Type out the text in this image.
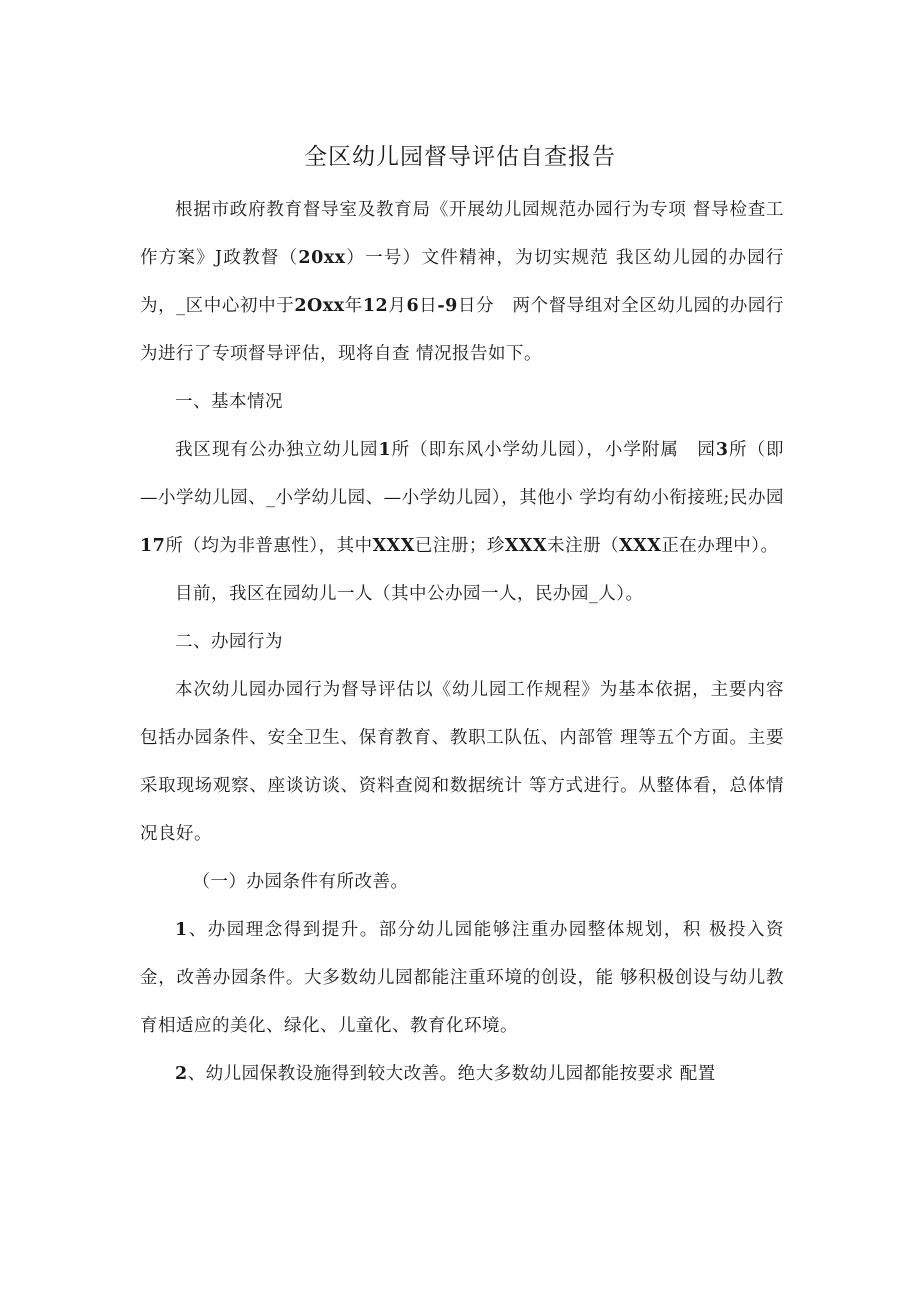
全区幼儿园督导评估自查报告

根据市政府教育督导室及教育局《开展幼儿园规范办园行为专项 督导检查工作方案》J政教督（20xx）一号）文件精神，为切实规范 我区幼儿园的办园行为，_区中心初中于2Oxx年12月6日-9日分　两个督导组对全区幼儿园的办园行为进行了专项督导评估，现将自查 情况报告如下。

一、基本情况

我区现有公办独立幼儿园1所（即东风小学幼儿园），小学附属　园3所（即—小学幼儿园、_小学幼儿园、—小学幼儿园），其他小 学均有幼小衔接班;民办园17所（均为非普惠性），其中XXX已注册；珍XXX未注册（XXX正在办理中）。

目前，我区在园幼儿一人（其中公办园一人，民办园_人）。

二、办园行为

本次幼儿园办园行为督导评估以《幼儿园工作规程》为基本依据，主要内容包括办园条件、安全卫生、保育教育、教职工队伍、内部管 理等五个方面。主要采取现场观察、座谈访谈、资料查阅和数据统计 等方式进行。从整体看，总体情况良好。

（一）办园条件有所改善。

1、办园理念得到提升。部分幼儿园能够注重办园整体规划，积 极投入资金，改善办园条件。大多数幼儿园都能注重环境的创设，能 够积极创设与幼儿教育相适应的美化、绿化、儿童化、教育化环境。

2、幼儿园保教设施得到较大改善。绝大多数幼儿园都能按要求 配置
